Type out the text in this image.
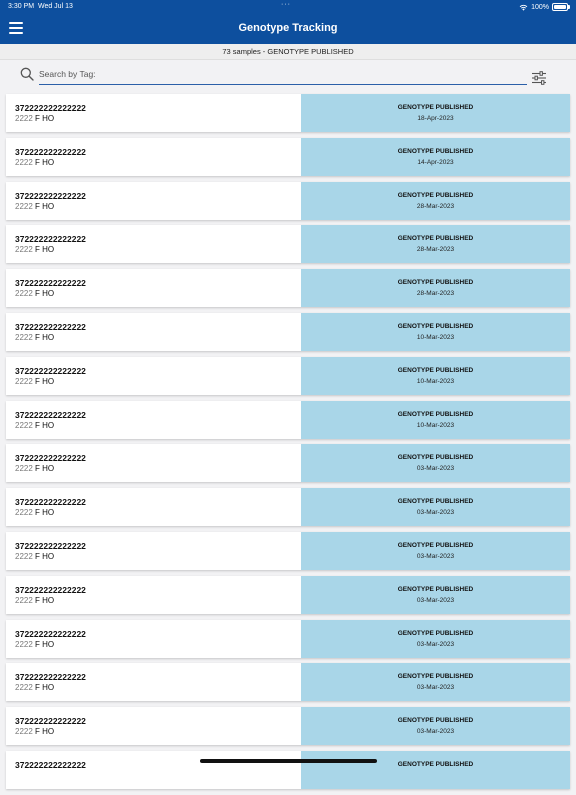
3:30 PM Wed Jul 13	···	100%
Genotype Tracking
73 samples - GENOTYPE PUBLISHED
Search by Tag:
372222222222222
2222 F HO
GENOTYPE PUBLISHED
18-Apr-2023
372222222222222
2222 F HO
GENOTYPE PUBLISHED
14-Apr-2023
372222222222222
2222 F HO
GENOTYPE PUBLISHED
28-Mar-2023
372222222222222
2222 F HO
GENOTYPE PUBLISHED
28-Mar-2023
372222222222222
2222 F HO
GENOTYPE PUBLISHED
28-Mar-2023
372222222222222
2222 F HO
GENOTYPE PUBLISHED
10-Mar-2023
372222222222222
2222 F HO
GENOTYPE PUBLISHED
10-Mar-2023
372222222222222
2222 F HO
GENOTYPE PUBLISHED
10-Mar-2023
372222222222222
2222 F HO
GENOTYPE PUBLISHED
03-Mar-2023
372222222222222
2222 F HO
GENOTYPE PUBLISHED
03-Mar-2023
372222222222222
2222 F HO
GENOTYPE PUBLISHED
03-Mar-2023
372222222222222
2222 F HO
GENOTYPE PUBLISHED
03-Mar-2023
372222222222222
2222 F HO
GENOTYPE PUBLISHED
03-Mar-2023
372222222222222
2222 F HO
GENOTYPE PUBLISHED
03-Mar-2023
372222222222222
2222 F HO
GENOTYPE PUBLISHED
03-Mar-2023
372222222222222	GENOTYPE PUBLISHED
